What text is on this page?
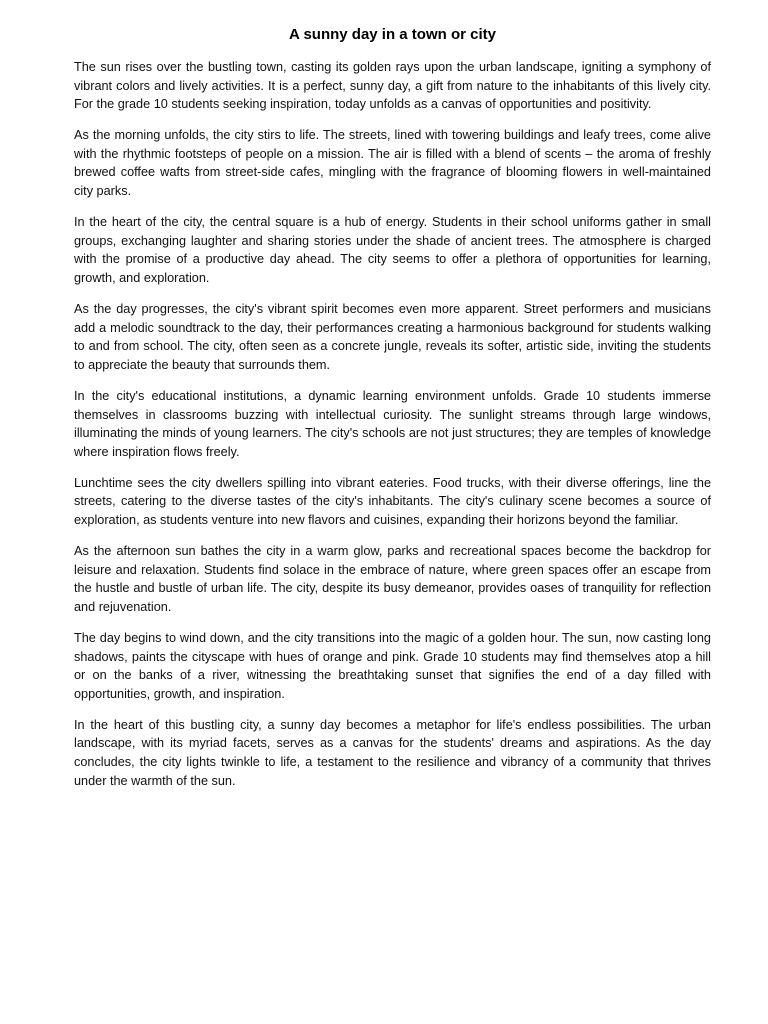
A sunny day in a town or city

The sun rises over the bustling town, casting its golden rays upon the urban landscape, igniting a symphony of vibrant colors and lively activities. It is a perfect, sunny day, a gift from nature to the inhabitants of this lively city. For the grade 10 students seeking inspiration, today unfolds as a canvas of opportunities and positivity.

As the morning unfolds, the city stirs to life. The streets, lined with towering buildings and leafy trees, come alive with the rhythmic footsteps of people on a mission. The air is filled with a blend of scents – the aroma of freshly brewed coffee wafts from street-side cafes, mingling with the fragrance of blooming flowers in well-maintained city parks.

In the heart of the city, the central square is a hub of energy. Students in their school uniforms gather in small groups, exchanging laughter and sharing stories under the shade of ancient trees. The atmosphere is charged with the promise of a productive day ahead. The city seems to offer a plethora of opportunities for learning, growth, and exploration.

As the day progresses, the city's vibrant spirit becomes even more apparent. Street performers and musicians add a melodic soundtrack to the day, their performances creating a harmonious background for students walking to and from school. The city, often seen as a concrete jungle, reveals its softer, artistic side, inviting the students to appreciate the beauty that surrounds them.

In the city's educational institutions, a dynamic learning environment unfolds. Grade 10 students immerse themselves in classrooms buzzing with intellectual curiosity. The sunlight streams through large windows, illuminating the minds of young learners. The city's schools are not just structures; they are temples of knowledge where inspiration flows freely.

Lunchtime sees the city dwellers spilling into vibrant eateries. Food trucks, with their diverse offerings, line the streets, catering to the diverse tastes of the city's inhabitants. The city's culinary scene becomes a source of exploration, as students venture into new flavors and cuisines, expanding their horizons beyond the familiar.

As the afternoon sun bathes the city in a warm glow, parks and recreational spaces become the backdrop for leisure and relaxation. Students find solace in the embrace of nature, where green spaces offer an escape from the hustle and bustle of urban life. The city, despite its busy demeanor, provides oases of tranquility for reflection and rejuvenation.

The day begins to wind down, and the city transitions into the magic of a golden hour. The sun, now casting long shadows, paints the cityscape with hues of orange and pink. Grade 10 students may find themselves atop a hill or on the banks of a river, witnessing the breathtaking sunset that signifies the end of a day filled with opportunities, growth, and inspiration.

In the heart of this bustling city, a sunny day becomes a metaphor for life's endless possibilities. The urban landscape, with its myriad facets, serves as a canvas for the students' dreams and aspirations. As the day concludes, the city lights twinkle to life, a testament to the resilience and vibrancy of a community that thrives under the warmth of the sun.
